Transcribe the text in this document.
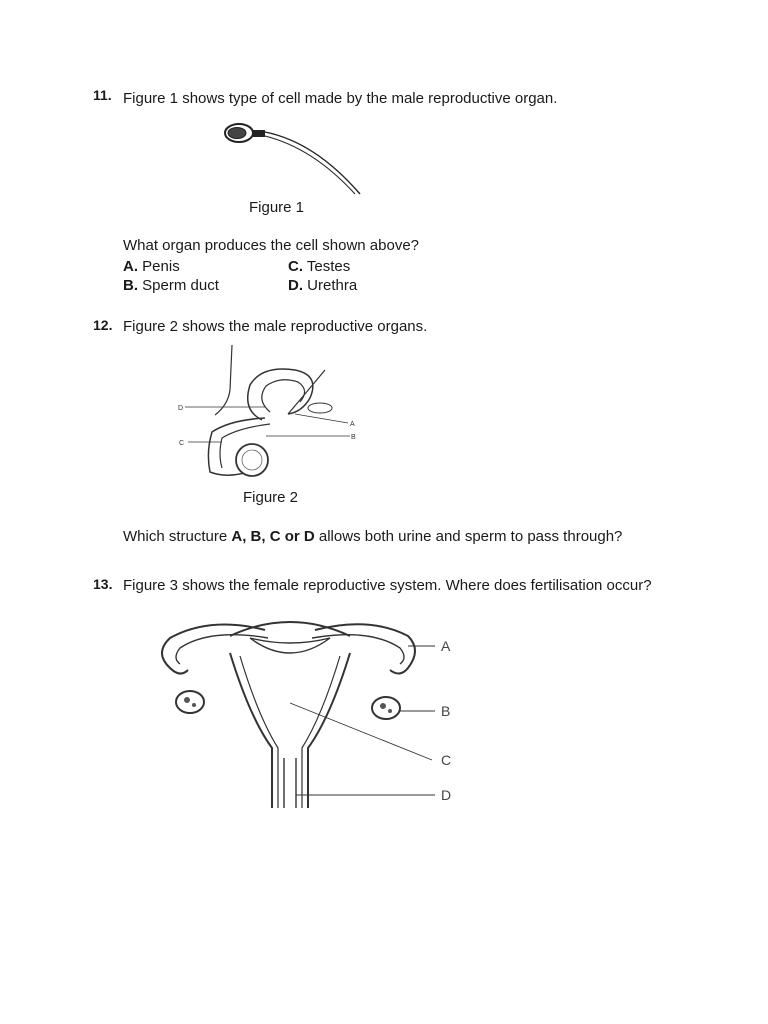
11. Figure 1 shows type of cell made by the male reproductive organ.
Figure 1
What organ produces the cell shown above?
A. Penis	C. Testes
B. Sperm duct	D. Urethra
12. Figure 2 shows the male reproductive organs.
D
A
B
C
Figure 2
Which structure A, B, C or D allows both urine and sperm to pass through?
13. Figure 3 shows the female reproductive system. Where does fertilisation occur?
A
B
C
D
